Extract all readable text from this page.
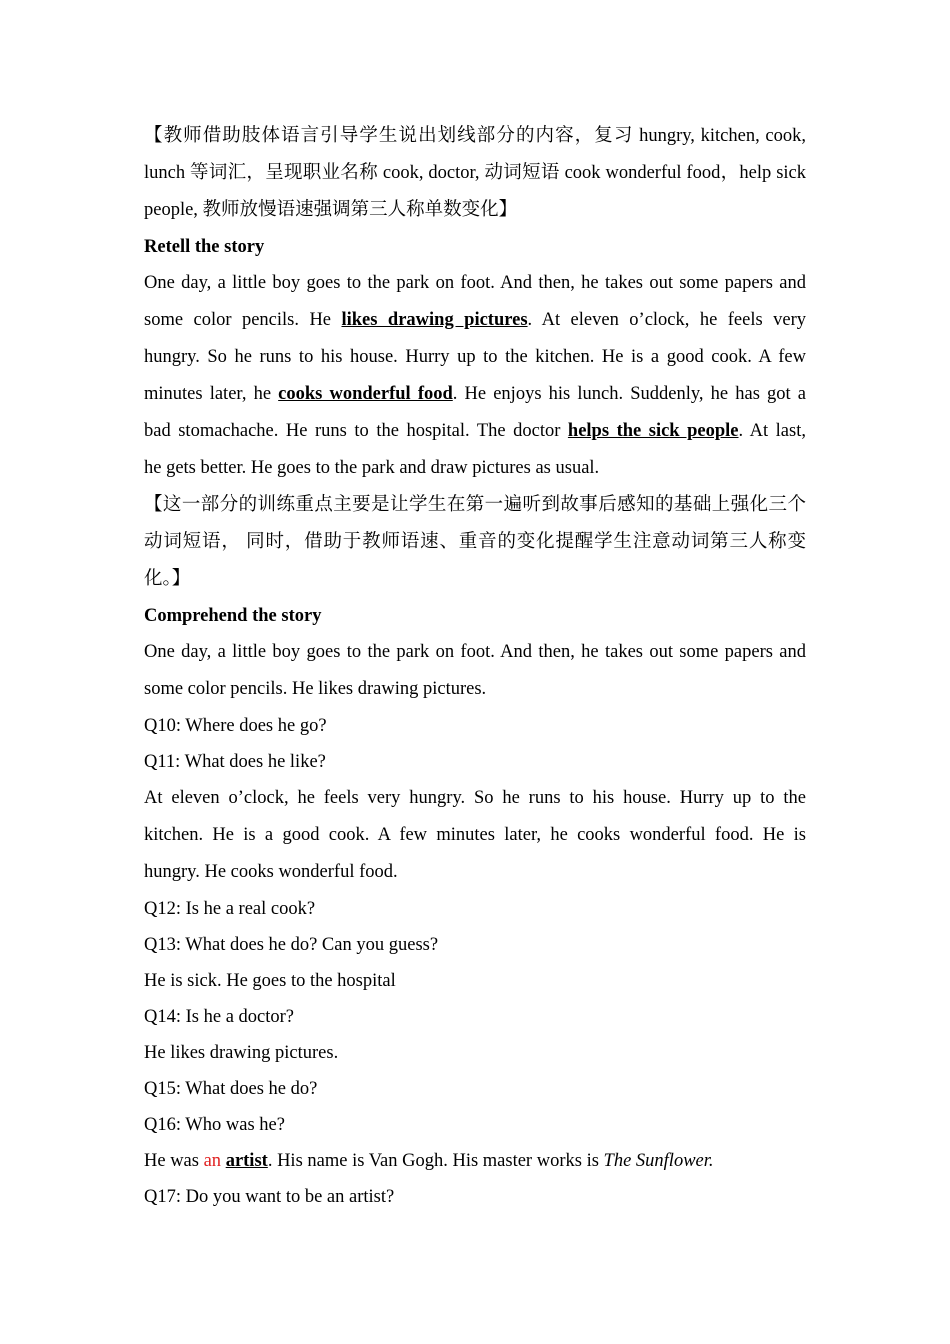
【教师借助肢体语言引导学生说出划线部分的内容，复习 hungry, kitchen, cook,
lunch 等词汇，呈现职业名称 cook, doctor, 动词短语 cook wonderful food，help sick
people, 教师放慢语速强调第三人称单数变化】
Retell the story
One day, a little boy goes to the park on foot. And then, he takes out some papers and
some color pencils. He likes drawing pictures. At eleven o’clock, he feels very
hungry. So he runs to his house. Hurry up to the kitchen. He is a good cook. A few
minutes later, he cooks wonderful food. He enjoys his lunch. Suddenly, he has got a
bad stomachache. He runs to the hospital. The doctor helps the sick people. At last,
he gets better. He goes to the park and draw pictures as usual.
【这一部分的训练重点主要是让学生在第一遍听到故事后感知的基础上强化三个
动词短语， 同时，借助于教师语速、重音的变化提醒学生注意动词第三人称变
化。】
Comprehend the story
One day, a little boy goes to the park on foot. And then, he takes out some papers and
some color pencils. He likes drawing pictures.
Q10: Where does he go?
Q11: What does he like?
At eleven o’clock, he feels very hungry. So he runs to his house. Hurry up to the
kitchen. He is a good cook. A few minutes later, he cooks wonderful food. He is
hungry. He cooks wonderful food.
Q12: Is he a real cook?
Q13: What does he do? Can you guess?
He is sick. He goes to the hospital
Q14: Is he a doctor?
He likes drawing pictures.
Q15: What does he do?
Q16: Who was he?
He was an artist. His name is Van Gogh. His master works is The Sunflower.
Q17: Do you want to be an artist?
